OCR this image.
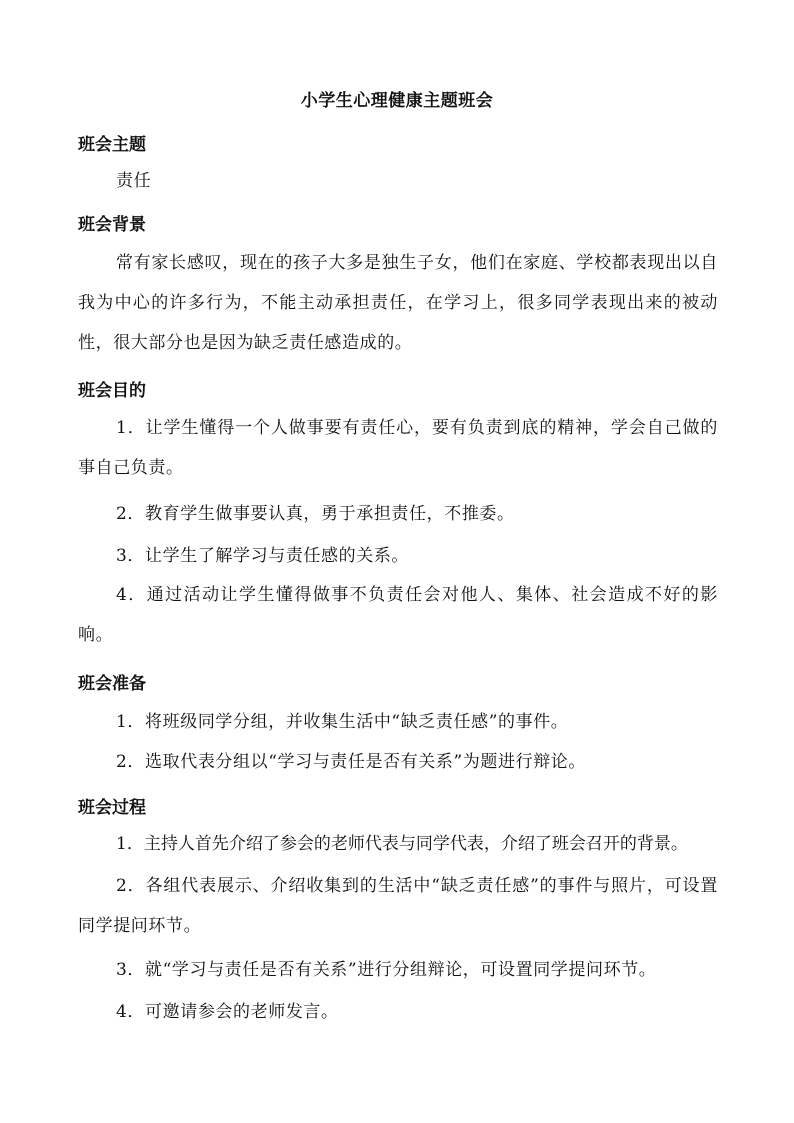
小学生心理健康主题班会
班会主题
责任
班会背景
常有家长感叹，现在的孩子大多是独生子女，他们在家庭、学校都表现出以自我为中心的许多行为，不能主动承担责任，在学习上，很多同学表现出来的被动性，很大部分也是因为缺乏责任感造成的。
班会目的
1．让学生懂得一个人做事要有责任心，要有负责到底的精神，学会自己做的事自己负责。
2．教育学生做事要认真，勇于承担责任，不推委。
3．让学生了解学习与责任感的关系。
4．通过活动让学生懂得做事不负责任会对他人、集体、社会造成不好的影响。
班会准备
1．将班级同学分组，并收集生活中“缺乏责任感”的事件。
2．选取代表分组以“学习与责任是否有关系”为题进行辩论。
班会过程
1．主持人首先介绍了参会的老师代表与同学代表，介绍了班会召开的背景。
2．各组代表展示、介绍收集到的生活中“缺乏责任感”的事件与照片，可设置同学提问环节。
3．就“学习与责任是否有关系”进行分组辩论，可设置同学提问环节。
4．可邀请参会的老师发言。
